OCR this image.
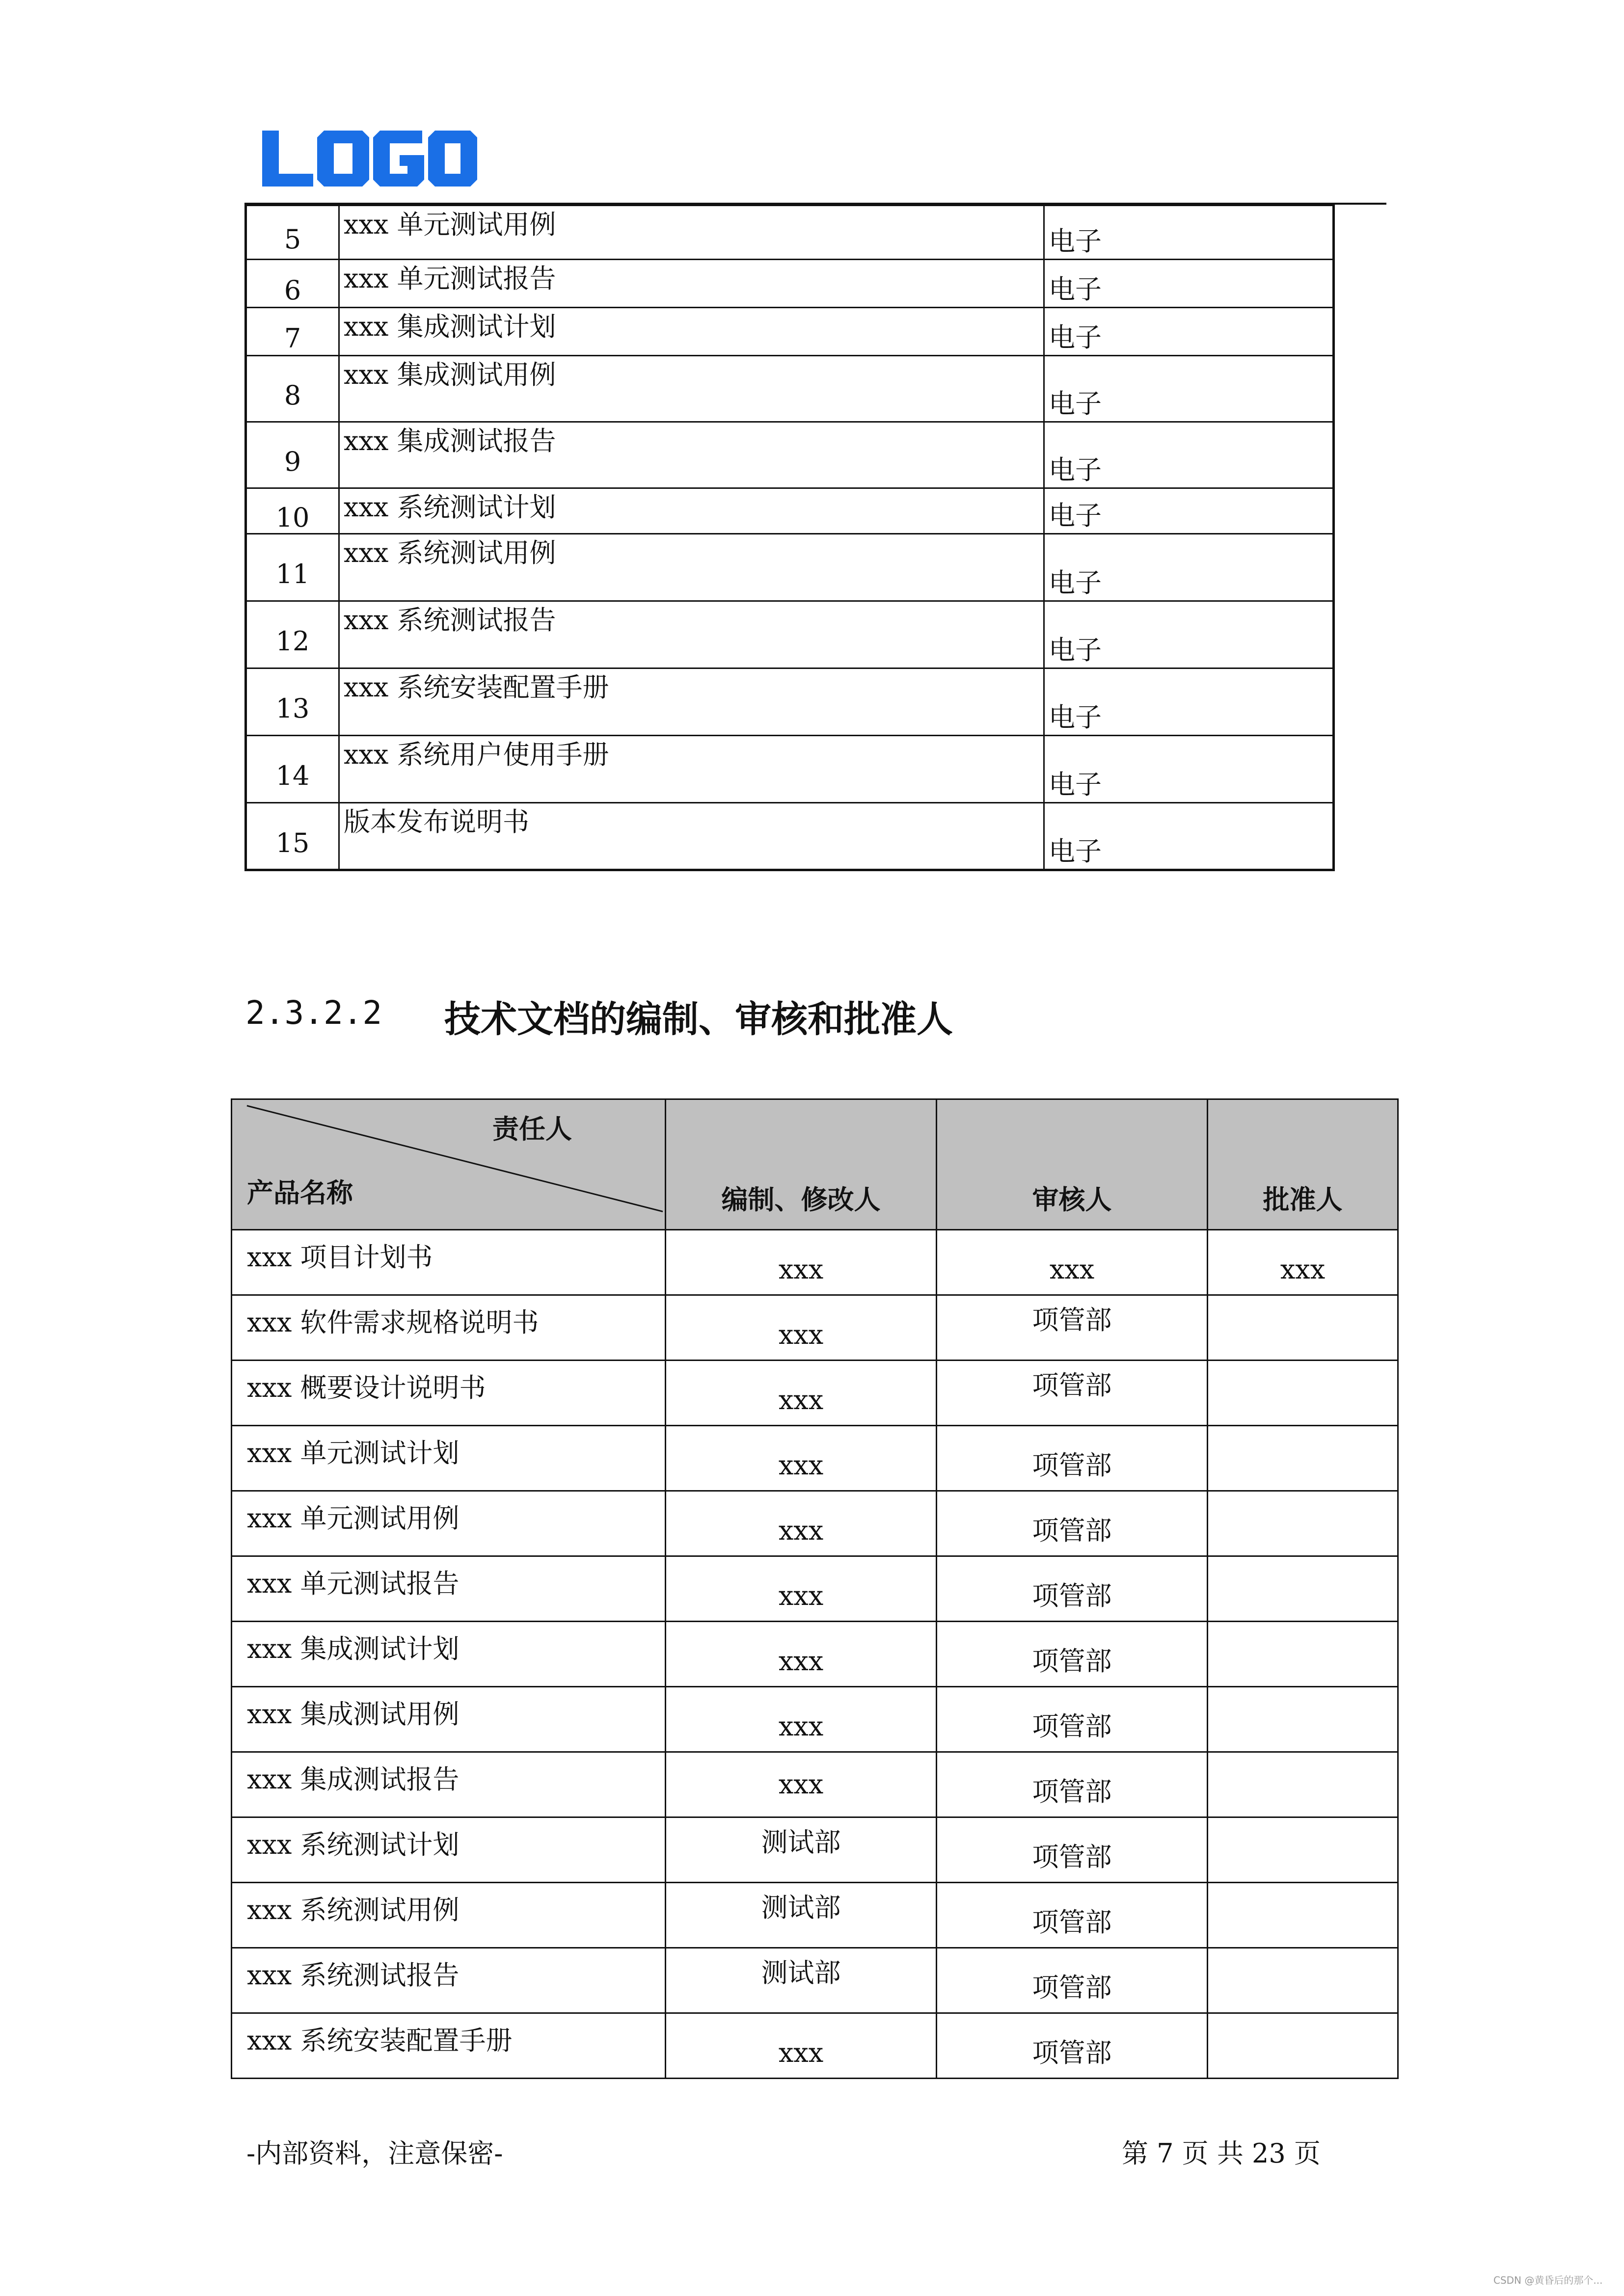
5	xxx 单元测试用例	电子
6	xxx 单元测试报告	电子
7	xxx 集成测试计划	电子
8	xxx 集成测试用例	电子
9	xxx 集成测试报告	电子
10	xxx 系统测试计划	电子
11	xxx 系统测试用例	电子
12	xxx 系统测试报告	电子
13	xxx 系统安装配置手册	电子
14	xxx 系统用户使用手册	电子
15	版本发布说明书	电子
2.3.2.2 技术文档的编制、审核和批准人
责任人
产品名称	编制、修改人	审核人	批准人
xxx 项目计划书	xxx	xxx	xxx
xxx 软件需求规格说明书	xxx	项管部	
xxx 概要设计说明书	xxx	项管部	
xxx 单元测试计划	xxx	项管部	
xxx 单元测试用例	xxx	项管部	
xxx 单元测试报告	xxx	项管部	
xxx 集成测试计划	xxx	项管部	
xxx 集成测试用例	xxx	项管部	
xxx 集成测试报告	xxx	项管部	
xxx 系统测试计划	测试部	项管部	
xxx 系统测试用例	测试部	项管部	
xxx 系统测试报告	测试部	项管部	
xxx 系统安装配置手册	xxx	项管部	
-内部资料，注意保密-	第 7 页 共 23 页
CSDN @黄昏后的那个...
